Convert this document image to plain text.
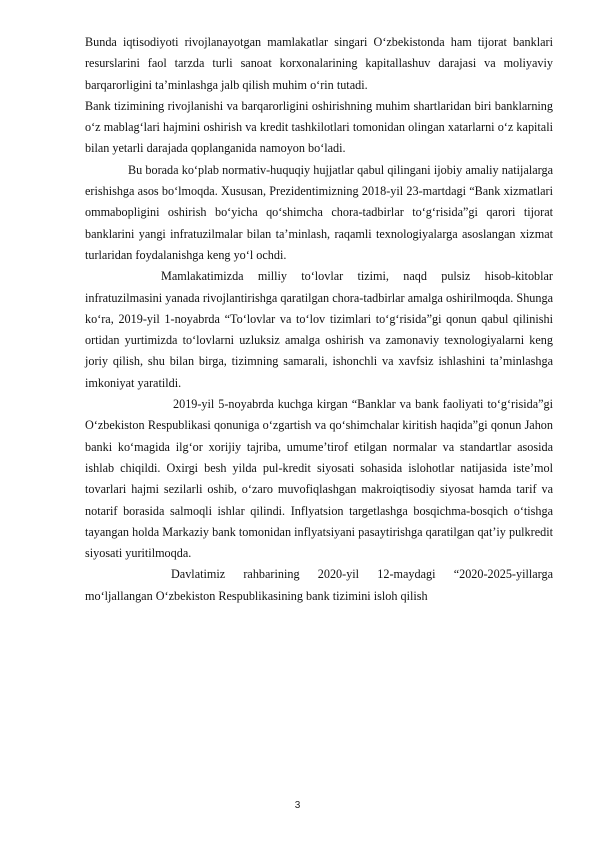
Bunda iqtisodiyoti rivojlanayotgan mamlakatlar singari O‘zbekistonda ham tijorat banklari resurslarini faol tarzda turli sanoat korxonalarining kapitallashuv darajasi va moliyaviy barqarorligini ta’minlashga jalb qilish muhim o‘rin tutadi.

Bank tizimining rivojlanishi va barqarorligini oshirishning muhim shartlaridan biri banklarning o‘z mablag‘lari hajmini oshirish va kredit tashkilotlari tomonidan olingan xatarlarni o‘z kapitali bilan yetarli darajada qoplanganida namoyon bo‘ladi.

Bu borada ko‘plab normativ-huquqiy hujjatlar qabul qilingani ijobiy amaliy natijalarga erishishga asos bo‘lmoqda. Xususan, Prezidentimizning 2018-yil 23-martdagi “Bank xizmatlari ommabopligini oshirish bo‘yicha qo‘shimcha chora-tadbirlar to‘g‘risida”gi qarori tijorat banklarini yangi infratuzilmalar bilan ta’minlash, raqamli texnologiyalarga asoslangan xizmat turlaridan foydalanishga keng yo‘l ochdi.

Mamlakatimizda milliy to‘lovlar tizimi, naqd pulsiz hisob-kitoblar infratuzilmasini yanada rivojlantirishga qaratilgan chora-tadbirlar amalga oshirilmoqda. Shunga ko‘ra, 2019-yil 1-noyabrda “To‘lovlar va to‘lov tizimlari to‘g‘risida”gi qonun qabul qilinishi ortidan yurtimizda to‘lovlarni uzluksiz amalga oshirish va zamonaviy texnologiyalarni keng joriy qilish, shu bilan birga, tizimning samarali, ishonchli va xavfsiz ishlashini ta’minlashga imkoniyat yaratildi.

2019-yil 5-noyabrda kuchga kirgan “Banklar va bank faoliyati to‘g‘risida”gi O‘zbekiston Respublikasi qonuniga o‘zgartish va qo‘shimchalar kiritish haqida”gi qonun Jahon banki ko‘magida ilg‘or xorijiy tajriba, umume’tirof etilgan normalar va standartlar asosida ishlab chiqildi. Oxirgi besh yilda pul-kredit siyosati sohasida islohotlar natijasida iste’mol tovarlari hajmi sezilarli oshib, o‘zaro muvofiqlashgan makroiqtisodiy siyosat hamda tarif va notarif borasida salmoqli ishlar qilindi. Inflyatsion targetlashga bosqichma-bosqich o‘tishga tayangan holda Markaziy bank tomonidan inflyatsiyani pasaytirishga qaratilgan qat’iy pulkredit siyosati yuritilmoqda.

Davlatimiz rahbarining 2020-yil 12-maydagi “2020-2025-yillarga mo‘ljallangan O‘zbekiston Respublikasining bank tizimini isloh qilish

3
